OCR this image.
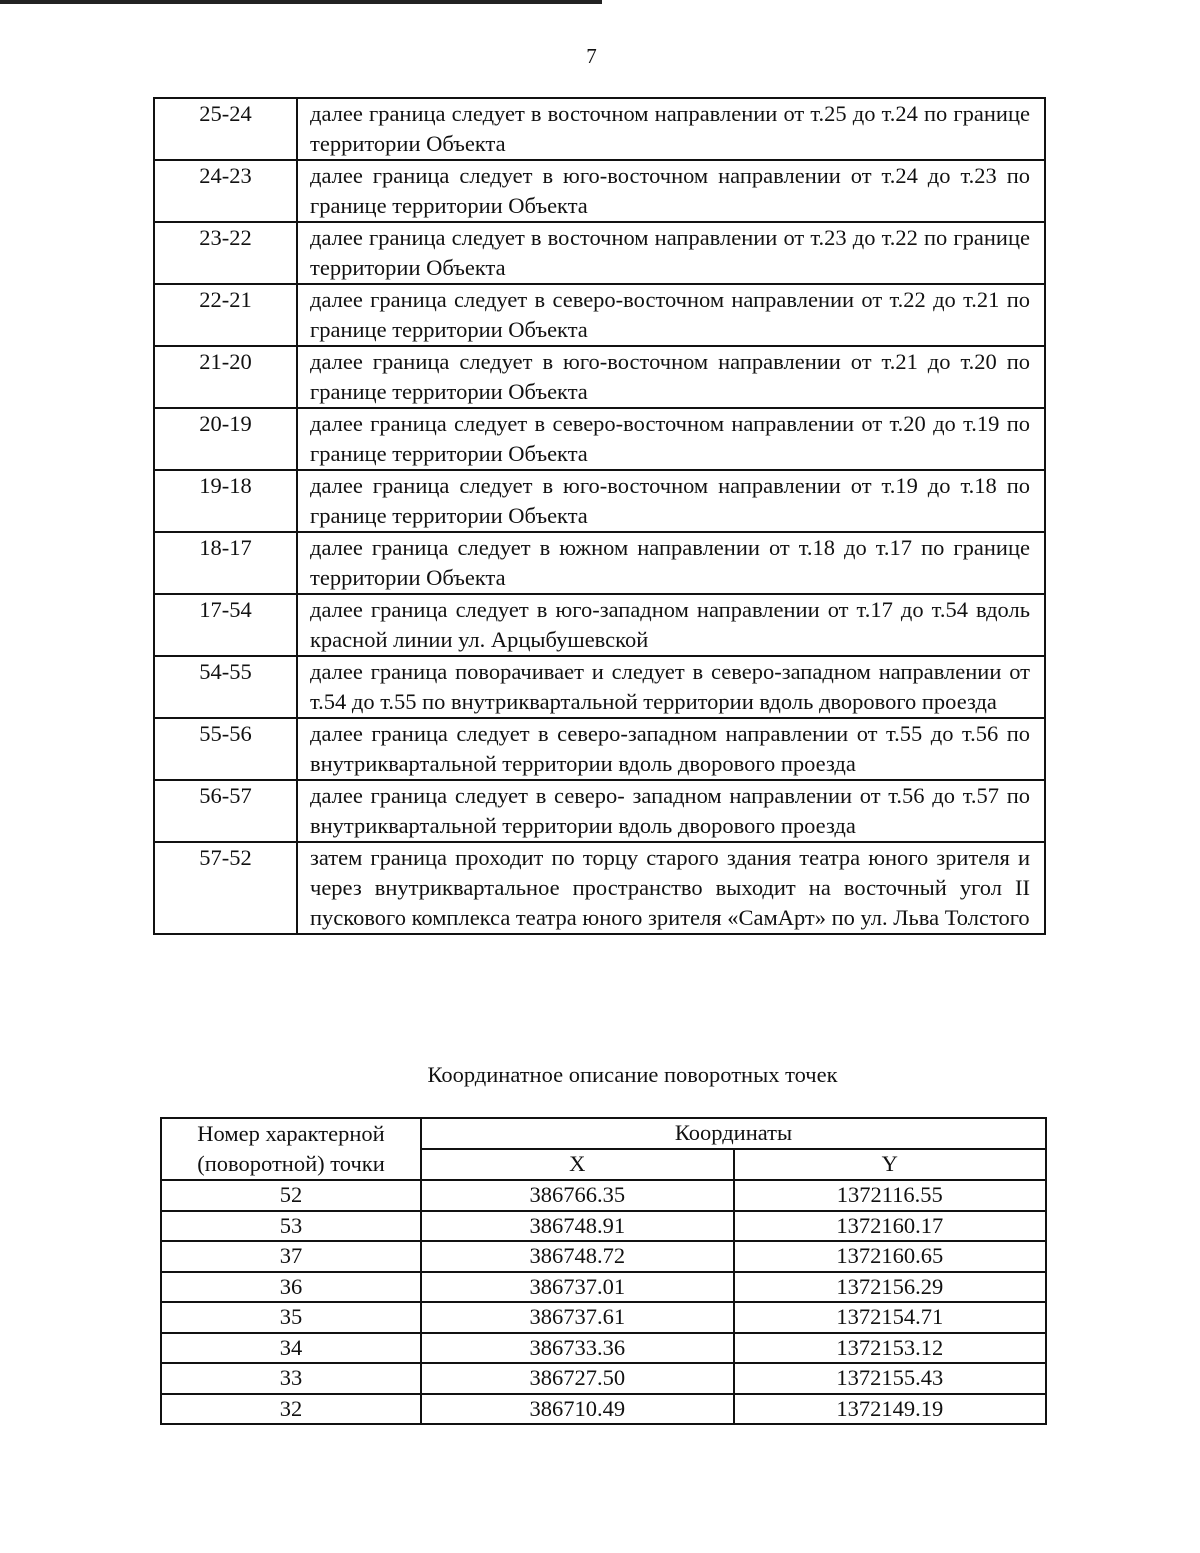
7
25-24	далее граница следует в восточном направлении от т.25 до т.24 по границе территории Объекта
24-23	далее граница следует в юго-восточном направлении от т.24 до т.23 по границе территории Объекта
23-22	далее граница следует в восточном направлении от т.23 до т.22 по границе территории Объекта
22-21	далее граница следует в северо-восточном направлении от т.22 до т.21 по границе территории Объекта
21-20	далее граница следует в юго-восточном направлении от т.21 до т.20 по границе территории Объекта
20-19	далее граница следует в северо-восточном направлении от т.20 до т.19 по границе территории Объекта
19-18	далее граница следует в юго-восточном направлении от т.19 до т.18 по границе территории Объекта
18-17	далее граница следует в южном направлении от т.18 до т.17 по границе территории Объекта
17-54	далее граница следует в юго-западном направлении от т.17 до т.54 вдоль красной линии ул. Арцыбушевской
54-55	далее граница поворачивает и следует в северо-западном направлении от т.54 до т.55 по внутриквартальной территории вдоль дворового проезда
55-56	далее граница следует в северо-западном направлении от т.55 до т.56 по внутриквартальной территории вдоль дворового проезда
56-57	далее граница следует в северо- западном направлении от т.56 до т.57 по внутриквартальной территории вдоль дворового проезда
57-52	затем граница проходит по торцу старого здания театра юного зрителя и через внутриквартальное пространство выходит на восточный угол II пускового комплекса театра юного зрителя «СамАрт» по ул. Льва Толстого
Координатное описание поворотных точек
Номер характерной
(поворотной) точки	Координаты	
	X	Y
52	386766.35	1372116.55
53	386748.91	1372160.17
37	386748.72	1372160.65
36	386737.01	1372156.29
35	386737.61	1372154.71
34	386733.36	1372153.12
33	386727.50	1372155.43
32	386710.49	1372149.19
